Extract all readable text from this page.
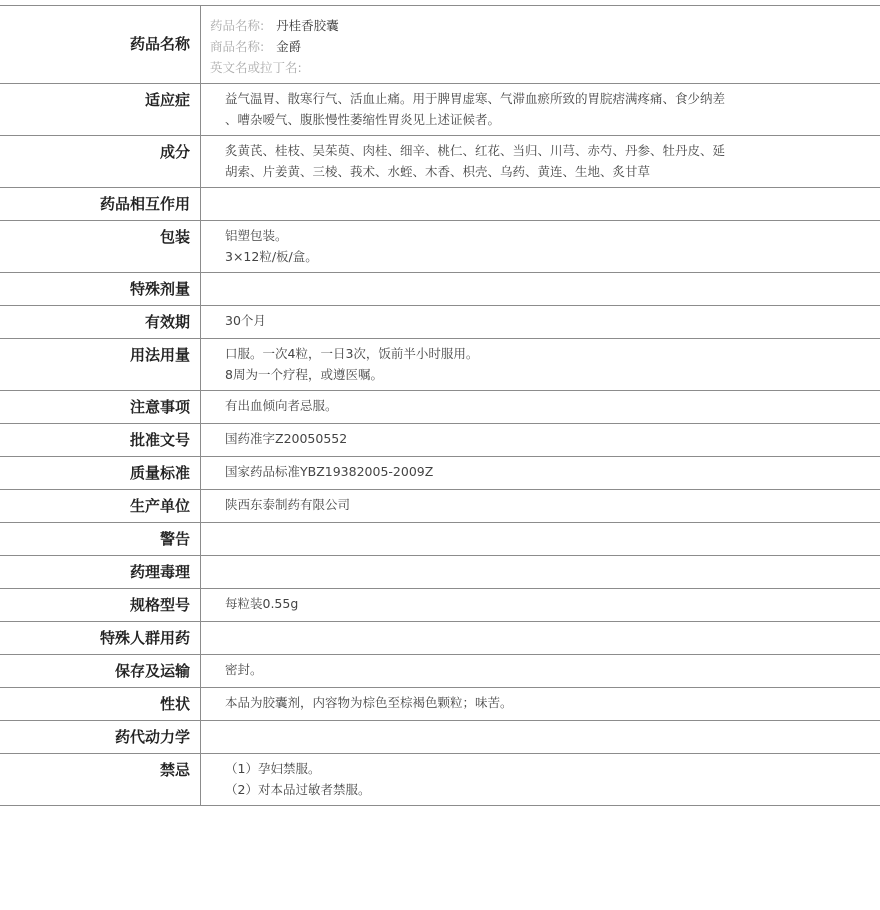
药品名称
药品名称: 丹桂香胶囊
商品名称: 金爵
英文名或拉丁名:
适应症	益气温胃、散寒行气、活血止痛。用于脾胃虚寒、气滞血瘀所致的胃脘痞满疼痛、食少纳差
、嘈杂嗳气、腹胀慢性萎缩性胃炎见上述证候者。
成分	炙黄芪、桂枝、吴茱萸、肉桂、细辛、桃仁、红花、当归、川芎、赤芍、丹参、牡丹皮、延
胡索、片姜黄、三棱、莪术、水蛭、木香、枳壳、乌药、黄连、生地、炙甘草
药品相互作用
包装	铝塑包装。
3×12粒/板/盒。
特殊剂量
有效期	30个月
用法用量	口服。一次4粒，一日3次，饭前半小时服用。
8周为一个疗程，或遵医嘱。
注意事项	有出血倾向者忌服。
批准文号	国药准字Z20050552
质量标准	国家药品标准YBZ19382005-2009Z
生产单位	陕西东泰制药有限公司
警告
药理毒理
规格型号	每粒装0.55g
特殊人群用药
保存及运输	密封。
性状	本品为胶囊剂，内容物为棕色至棕褐色颗粒；味苦。
药代动力学
禁忌	（1）孕妇禁服。
（2）对本品过敏者禁服。
